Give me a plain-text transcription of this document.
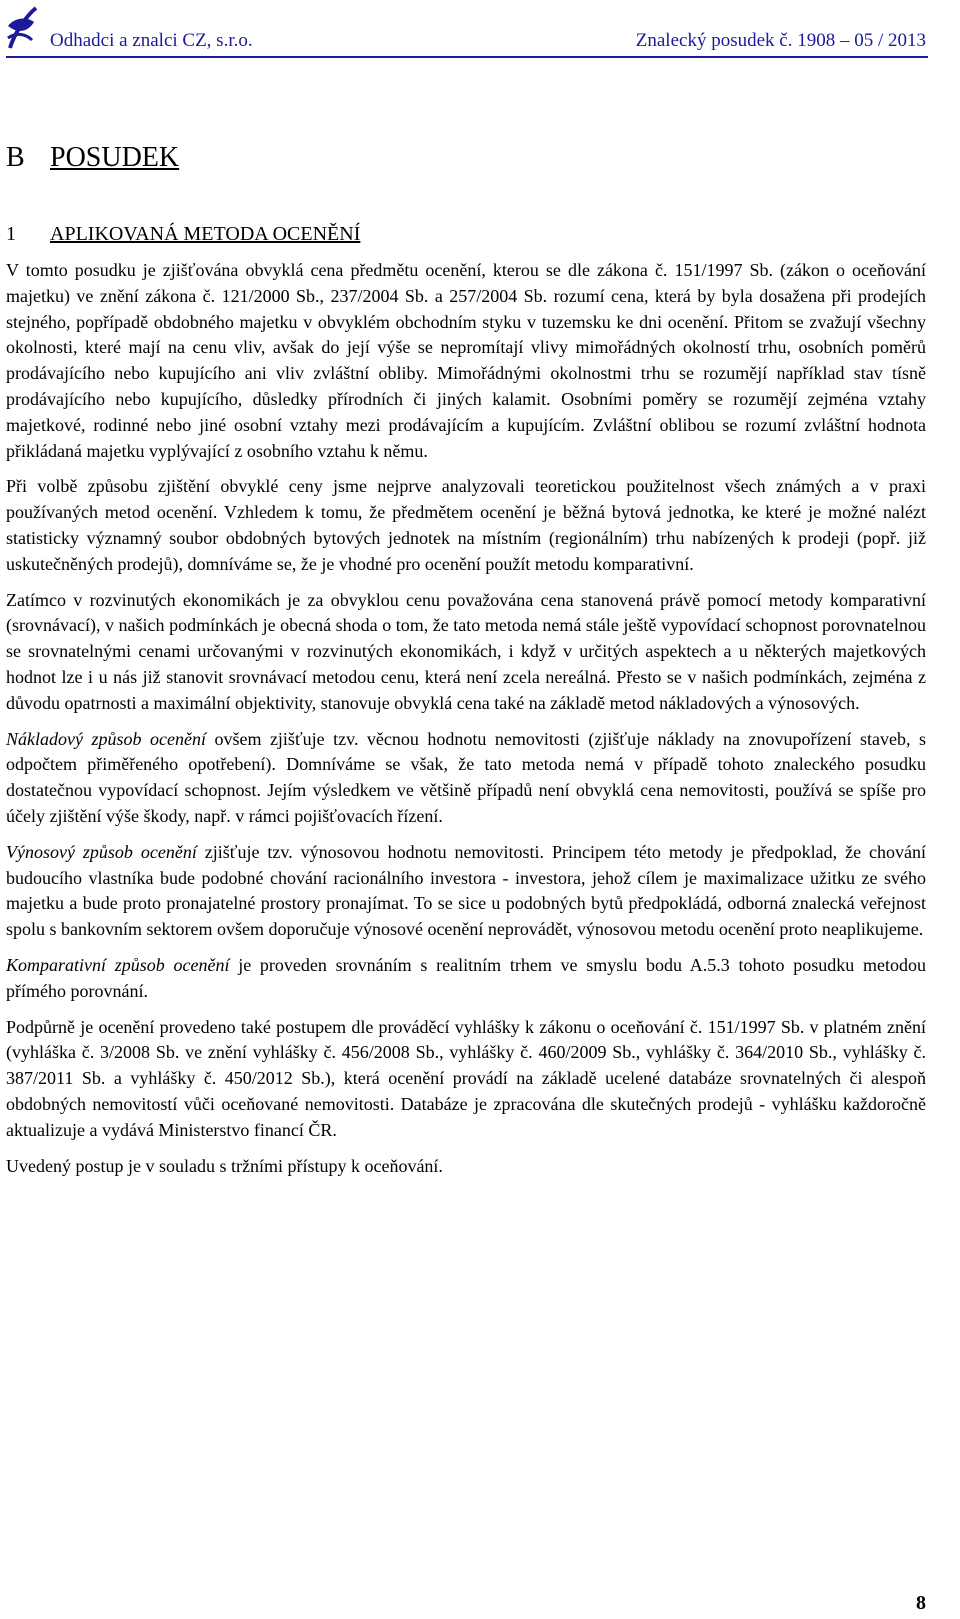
Odhadci a znalci CZ, s.r.o.	Znalecký posudek č. 1908 – 05 / 2013
B POSUDEK
1	APLIKOVANÁ METODA OCENĚNÍ

V tomto posudku je zjišťována obvyklá cena předmětu ocenění, kterou se dle zákona č. 151/1997 Sb. (zákon o oceňování majetku) ve znění zákona č. 121/2000 Sb., 237/2004 Sb. a 257/2004 Sb. rozumí cena, která by byla dosažena při prodejích stejného, popřípadě obdobného majetku v obvyklém obchodním styku v tuzemsku ke dni ocenění. Přitom se zvažují všechny okolnosti, které mají na cenu vliv, avšak do její výše se nepromítají vlivy mimořádných okolností trhu, osobních poměrů prodávajícího nebo kupujícího ani vliv zvláštní obliby. Mimořádnými okolnostmi trhu se rozumějí například stav tísně prodávajícího nebo kupujícího, důsledky přírodních či jiných kalamit. Osobními poměry se rozumějí zejména vztahy majetkové, rodinné nebo jiné osobní vztahy mezi prodávajícím a kupujícím. Zvláštní oblibou se rozumí zvláštní hodnota přikládaná majetku vyplývající z osobního vztahu k němu.

Při volbě způsobu zjištění obvyklé ceny jsme nejprve analyzovali teoretickou použitelnost všech známých a v praxi používaných metod ocenění. Vzhledem k tomu, že předmětem ocenění je běžná bytová jednotka, ke které je možné nalézt statisticky významný soubor obdobných bytových jednotek na místním (regionálním) trhu nabízených k prodeji (popř. již uskutečněných prodejů), domníváme se, že je vhodné pro ocenění použít metodu komparativní.

Zatímco v rozvinutých ekonomikách je za obvyklou cenu považována cena stanovená právě pomocí metody komparativní (srovnávací), v našich podmínkách je obecná shoda o tom, že tato metoda nemá stále ještě vypovídací schopnost porovnatelnou se srovnatelnými cenami určovanými v rozvinutých ekonomikách, i když v určitých aspektech a u některých majetkových hodnot lze i u nás již stanovit srovnávací metodou cenu, která není zcela nereálná. Přesto se v našich podmínkách, zejména z důvodu opatrnosti a maximální objektivity, stanovuje obvyklá cena také na základě metod nákladových a výnosových.

Nákladový způsob ocenění ovšem zjišťuje tzv. věcnou hodnotu nemovitosti (zjišťuje náklady na znovupořízení staveb, s odpočtem přiměřeného opotřebení). Domníváme se však, že tato metoda nemá v případě tohoto znaleckého posudku dostatečnou vypovídací schopnost. Jejím výsledkem ve většině případů není obvyklá cena nemovitosti, používá se spíše pro účely zjištění výše škody, např. v rámci pojišťovacích řízení.

Výnosový způsob ocenění zjišťuje tzv. výnosovou hodnotu nemovitosti. Principem této metody je předpoklad, že chování budoucího vlastníka bude podobné chování racionálního investora - investora, jehož cílem je maximalizace užitku ze svého majetku a bude proto pronajatelné prostory pronajímat. To se sice u podobných bytů předpokládá, odborná znalecká veřejnost spolu s bankovním sektorem ovšem doporučuje výnosové ocenění neprovádět, výnosovou metodu ocenění proto neaplikujeme.

Komparativní způsob ocenění je proveden srovnáním s realitním trhem ve smyslu bodu A.5.3 tohoto posudku metodou přímého porovnání.

Podpůrně je ocenění provedeno také postupem dle prováděcí vyhlášky k zákonu o oceňování č. 151/1997 Sb. v platném znění (vyhláška č. 3/2008 Sb. ve znění vyhlášky č. 456/2008 Sb., vyhlášky č. 460/2009 Sb., vyhlášky č. 364/2010 Sb., vyhlášky č. 387/2011 Sb. a vyhlášky č. 450/2012 Sb.), která ocenění provádí na základě ucelené databáze srovnatelných či alespoň obdobných nemovitostí vůči oceňované nemovitosti. Databáze je zpracována dle skutečných prodejů - vyhlášku každoročně aktualizuje a vydává Ministerstvo financí ČR.

Uvedený postup je v souladu s tržními přístupy k oceňování.

8
